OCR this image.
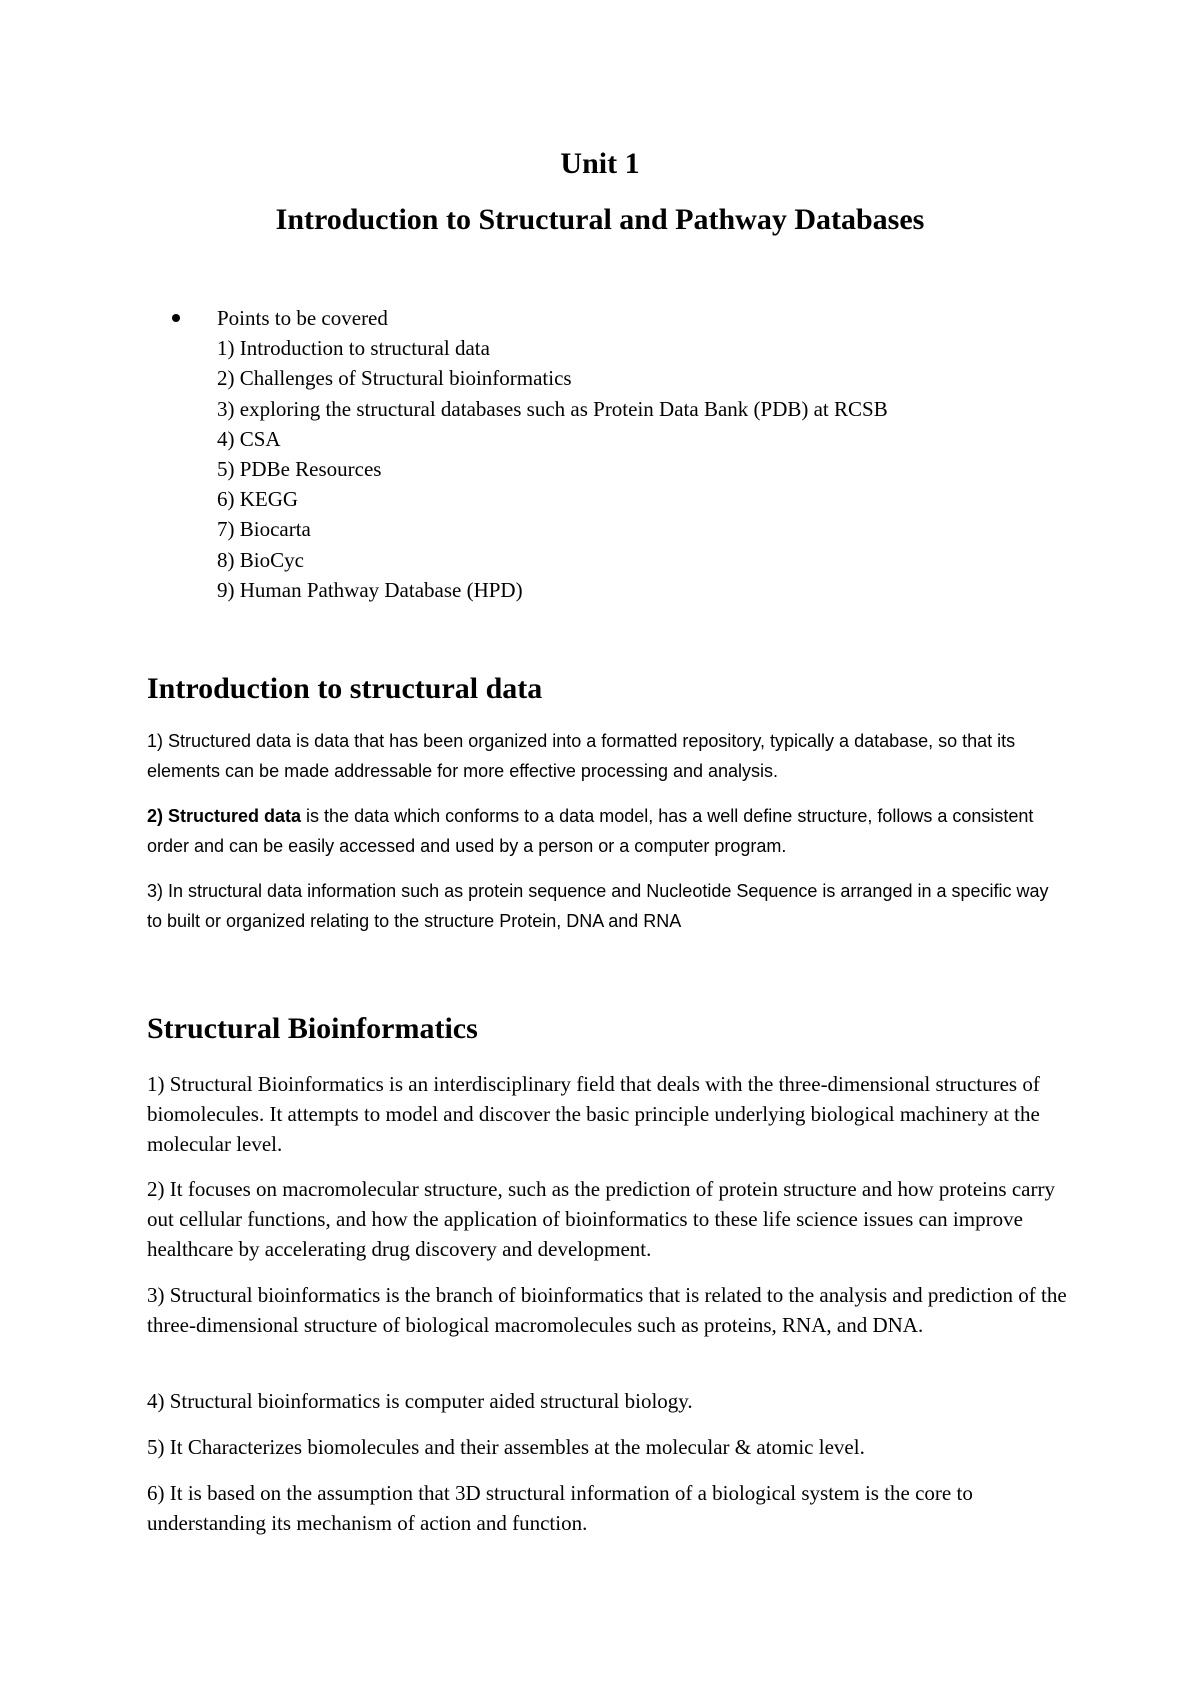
Unit 1
Introduction to Structural and Pathway Databases
Points to be covered
1) Introduction to structural data
2) Challenges of Structural bioinformatics
3) exploring the structural databases such as Protein Data Bank (PDB) at RCSB
4) CSA
5) PDBe Resources
6) KEGG
7) Biocarta
8) BioCyc
9) Human Pathway Database (HPD)
Introduction to structural data
1) Structured data is data that has been organized into a formatted repository, typically a database, so that its elements can be made addressable for more effective processing and analysis.
2) Structured data is the data which conforms to a data model, has a well define structure, follows a consistent order and can be easily accessed and used by a person or a computer program.
3) In structural data information such as protein sequence and Nucleotide Sequence is arranged in a specific way to built or organized relating to the structure Protein, DNA and RNA
Structural Bioinformatics
1) Structural Bioinformatics is an interdisciplinary field that deals with the three-dimensional structures of biomolecules. It attempts to model and discover the basic principle underlying biological machinery at the molecular level.
2) It focuses on macromolecular structure, such as the prediction of protein structure and how proteins carry out cellular functions, and how the application of bioinformatics to these life science issues can improve healthcare by accelerating drug discovery and development.
3) Structural bioinformatics is the branch of bioinformatics that is related to the analysis and prediction of the three-dimensional structure of biological macromolecules such as proteins, RNA, and DNA.
4) Structural bioinformatics is computer aided structural biology.
5) It Characterizes biomolecules and their assembles at the molecular & atomic level.
6) It is based on the assumption that 3D structural information of a biological system is the core to understanding its mechanism of action and function.
